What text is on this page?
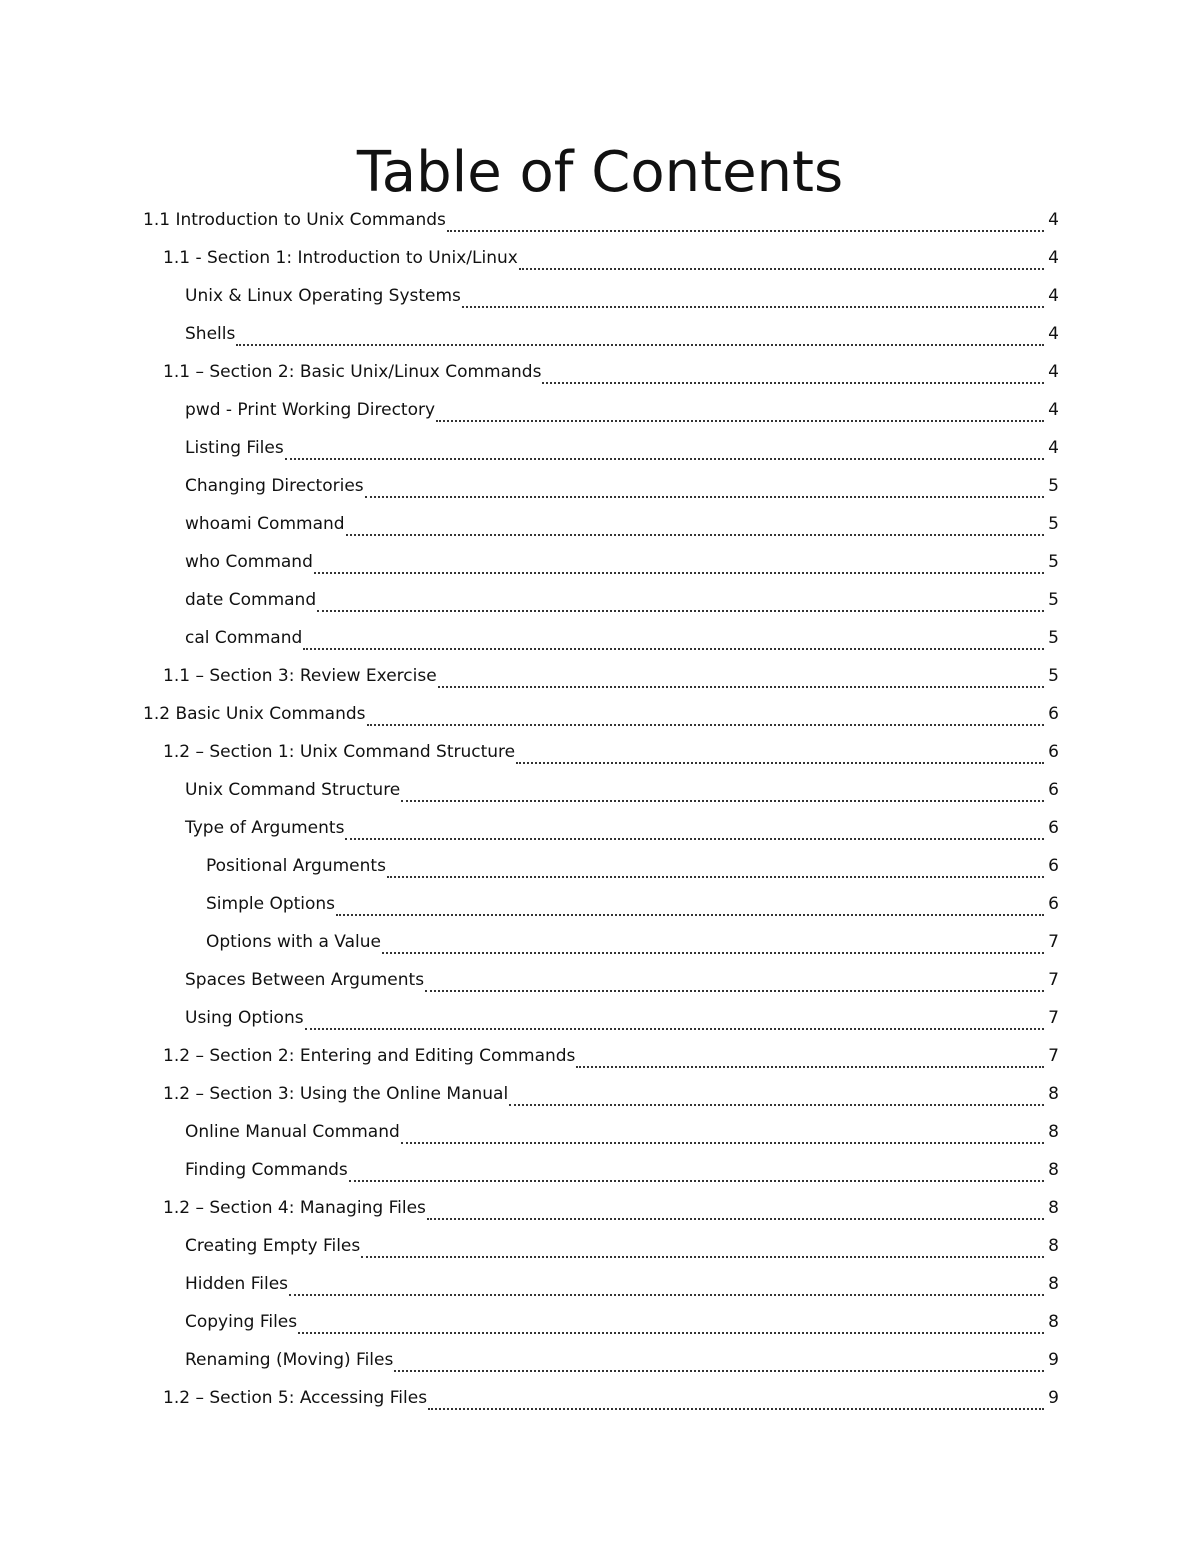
Table of Contents
1.1 Introduction to Unix Commands	4
1.1 - Section 1: Introduction to Unix/Linux	4
Unix & Linux Operating Systems	4
Shells	4
1.1 – Section 2: Basic Unix/Linux Commands	4
pwd - Print Working Directory	4
Listing Files	4
Changing Directories	5
whoami Command	5
who Command	5
date Command	5
cal Command	5
1.1 – Section 3: Review Exercise	5
1.2 Basic Unix Commands	6
1.2 – Section 1: Unix Command Structure	6
Unix Command Structure	6
Type of Arguments	6
Positional Arguments	6
Simple Options	6
Options with a Value	7
Spaces Between Arguments	7
Using Options	7
1.2 – Section 2: Entering and Editing Commands	7
1.2 – Section 3: Using the Online Manual	8
Online Manual Command	8
Finding Commands	8
1.2 – Section 4: Managing Files	8
Creating Empty Files	8
Hidden Files	8
Copying Files	8
Renaming (Moving) Files	9
1.2 – Section 5: Accessing Files	9
